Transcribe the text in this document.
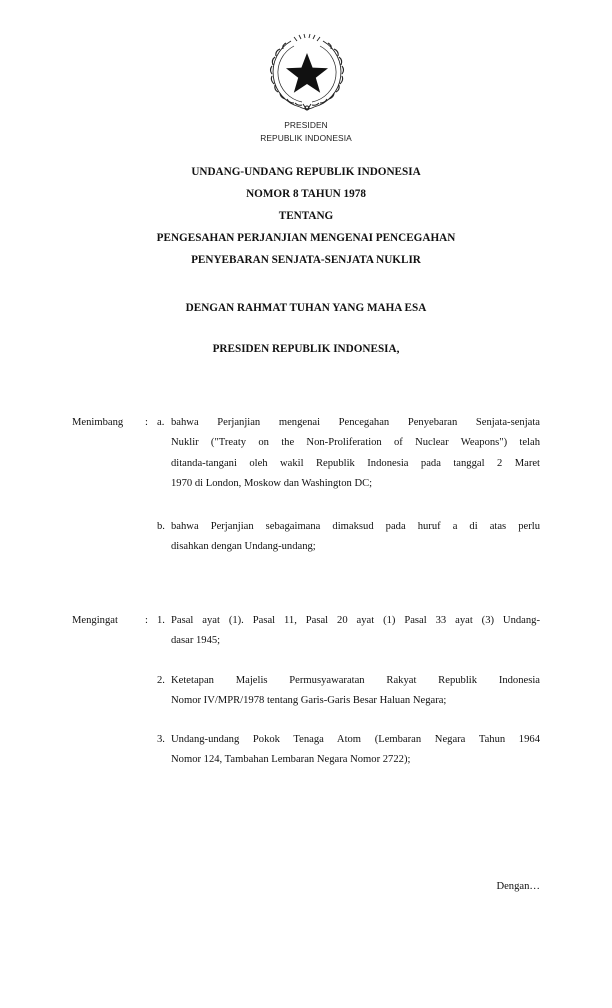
PRESIDEN
REPUBLIK INDONESIA
UNDANG-UNDANG REPUBLIK INDONESIA
NOMOR 8 TAHUN 1978
TENTANG
PENGESAHAN PERJANJIAN MENGENAI PENCEGAHAN
PENYEBARAN SENJATA-SENJATA NUKLIR
DENGAN RAHMAT TUHAN YANG MAHA ESA
PRESIDEN REPUBLIK INDONESIA,
Menimbang : a. bahwa Perjanjian mengenai Pencegahan Penyebaran Senjata-senjata
Nuklir ("Treaty on the Non-Proliferation of Nuclear Weapons") telah
ditanda-tangani oleh wakil Republik Indonesia pada tanggal 2 Maret
1970 di London, Moskow dan Washington DC;
b. bahwa Perjanjian sebagaimana dimaksud pada huruf a di atas perlu
disahkan dengan Undang-undang;
Mengingat	: 1. Pasal ayat (1). Pasal 11, Pasal 20 ayat (1) Pasal 33 ayat (3) Undang-
dasar 1945;
2. Ketetapan Majelis Permusyawaratan Rakyat Republik Indonesia
Nomor IV/MPR/1978 tentang Garis-Garis Besar Haluan Negara;
3. Undang-undang Pokok Tenaga Atom (Lembaran Negara Tahun 1964
Nomor 124, Tambahan Lembaran Negara Nomor 2722);
Dengan…
